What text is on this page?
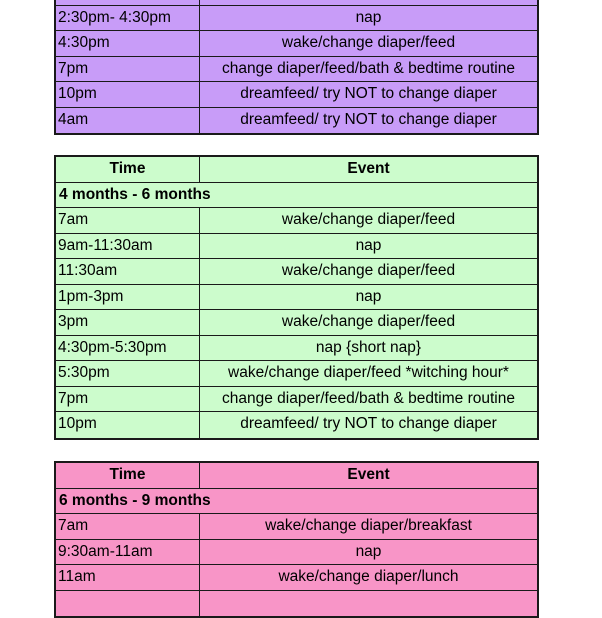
2:30pm- 4:30pm	nap
4:30pm	wake/change diaper/feed
7pm	change diaper/feed/bath & bedtime routine
10pm	dreamfeed/ try NOT to change diaper
4am	dreamfeed/ try NOT to change diaper
Time	Event
4 months - 6 months
7am	wake/change diaper/feed
9am-11:30am	nap
11:30am	wake/change diaper/feed
1pm-3pm	nap
3pm	wake/change diaper/feed
4:30pm-5:30pm	nap {short nap}
5:30pm	wake/change diaper/feed *witching hour*
7pm	change diaper/feed/bath & bedtime routine
10pm	dreamfeed/ try NOT to change diaper
Time	Event
6 months - 9 months
7am	wake/change diaper/breakfast
9:30am-11am	nap
11am	wake/change diaper/lunch
